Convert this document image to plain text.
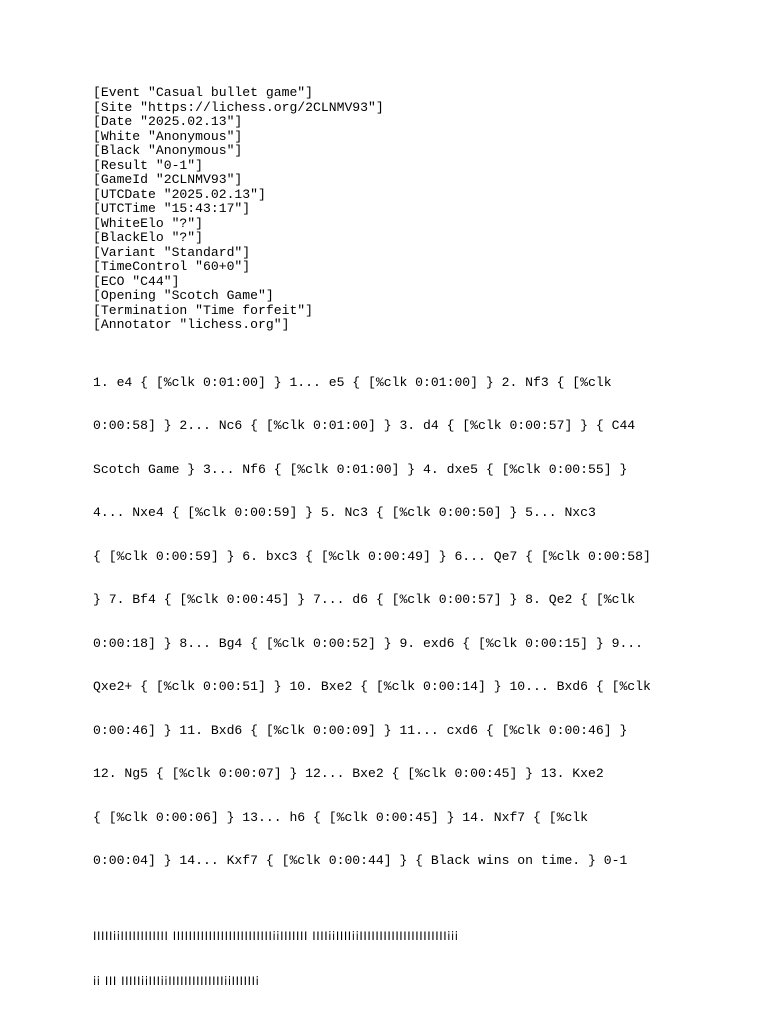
[Event "Casual bullet game"]
[Site "https://lichess.org/2CLNMV93"]
[Date "2025.02.13"]
[White "Anonymous"]
[Black "Anonymous"]
[Result "0-1"]
[GameId "2CLNMV93"]
[UTCDate "2025.02.13"]
[UTCTime "15:43:17"]
[WhiteElo "?"]
[BlackElo "?"]
[Variant "Standard"]
[TimeControl "60+0"]
[ECO "C44"]
[Opening "Scotch Game"]
[Termination "Time forfeit"]
[Annotator "lichess.org"]

1. e4 { [%clk 0:01:00] } 1... e5 { [%clk 0:01:00] } 2. Nf3 { [%clk

0:00:58] } 2... Nc6 { [%clk 0:01:00] } 3. d4 { [%clk 0:00:57] } { C44

Scotch Game } 3... Nf6 { [%clk 0:01:00] } 4. dxe5 { [%clk 0:00:55] }

4... Nxe4 { [%clk 0:00:59] } 5. Nc3 { [%clk 0:00:50] } 5... Nxc3

{ [%clk 0:00:59] } 6. bxc3 { [%clk 0:00:49] } 6... Qe7 { [%clk 0:00:58]

} 7. Bf4 { [%clk 0:00:45] } 7... d6 { [%clk 0:00:57] } 8. Qe2 { [%clk

0:00:18] } 8... Bg4 { [%clk 0:00:52] } 9. exd6 { [%clk 0:00:15] } 9...

Qxe2+ { [%clk 0:00:51] } 10. Bxe2 { [%clk 0:00:14] } 10... Bxd6 { [%clk

0:00:46] } 11. Bxd6 { [%clk 0:00:09] } 11... cxd6 { [%clk 0:00:46] }

12. Ng5 { [%clk 0:00:07] } 12... Bxe2 { [%clk 0:00:45] } 13. Kxe2

{ [%clk 0:00:06] } 13... h6 { [%clk 0:00:45] } 14. Nxf7 { [%clk

0:00:04] } 14... Kxf7 { [%clk 0:00:44] } { Black wins on time. } 0-1

IIIIIiiIIIIIIIIIIII IIIIIIIIIIIIIIIIIIIIIIIIIiiIIIIIII IIIIiiIIIIiiIIIIIIIIIIIIIIIIIIIIIIiii

ii III IIIIIiiIIIiiIIIIIIIIIIIIIIiiIIIIIIi
